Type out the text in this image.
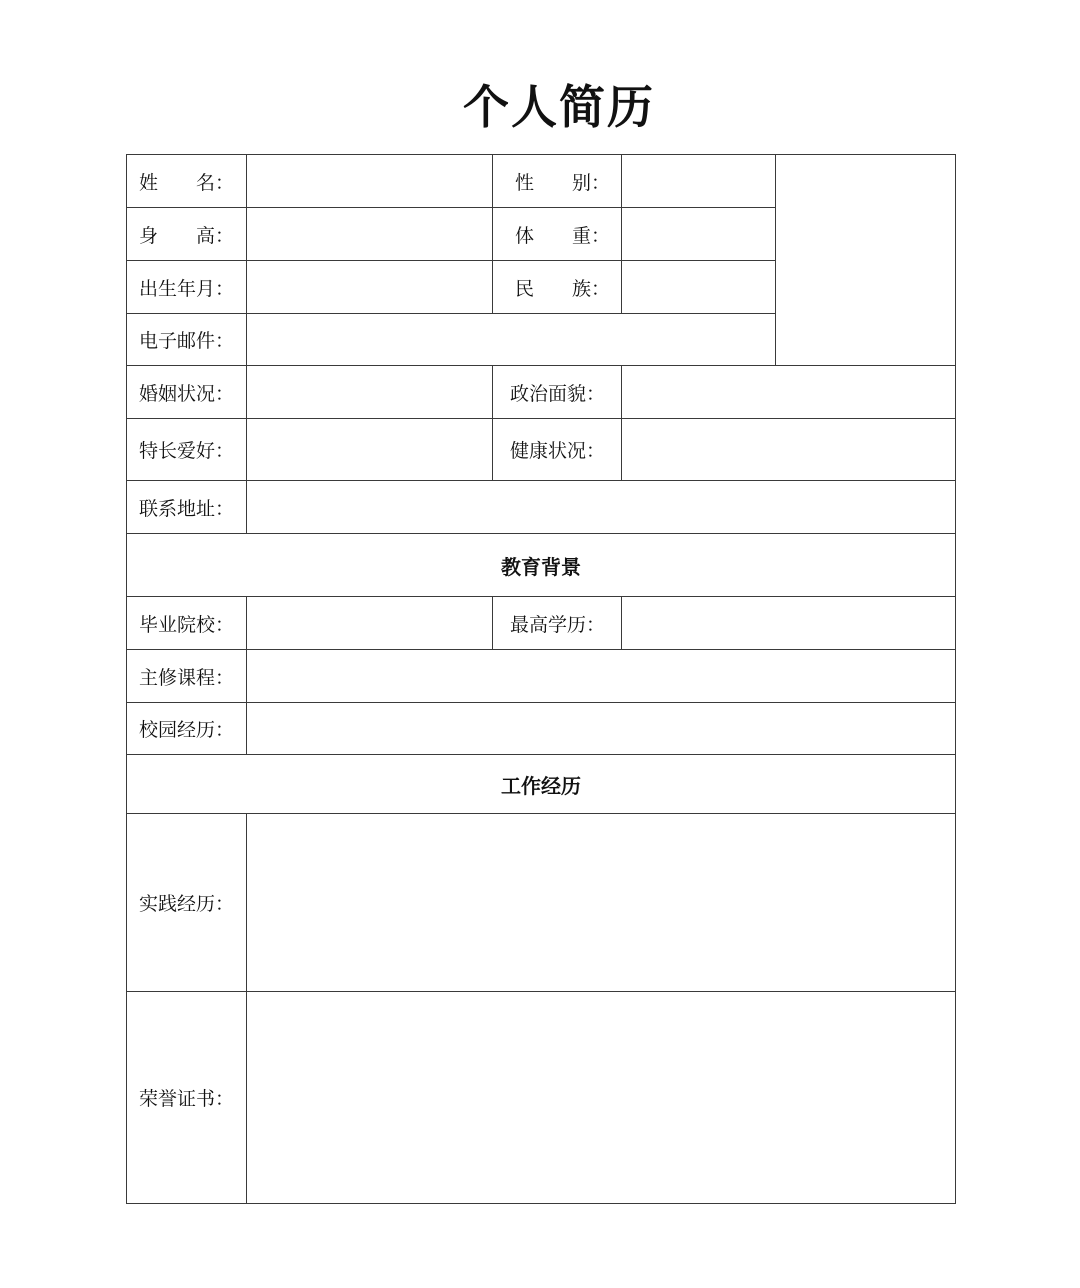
个人简历
姓　　名：	性　　别：
身　　高：	体　　重：
出生年月：	民　　族：
电子邮件：
婚姻状况：	政治面貌：
特长爱好：	健康状况：
联系地址：
教育背景
毕业院校：	最高学历：
主修课程：
校园经历：
工作经历
实践经历：
荣誉证书：
